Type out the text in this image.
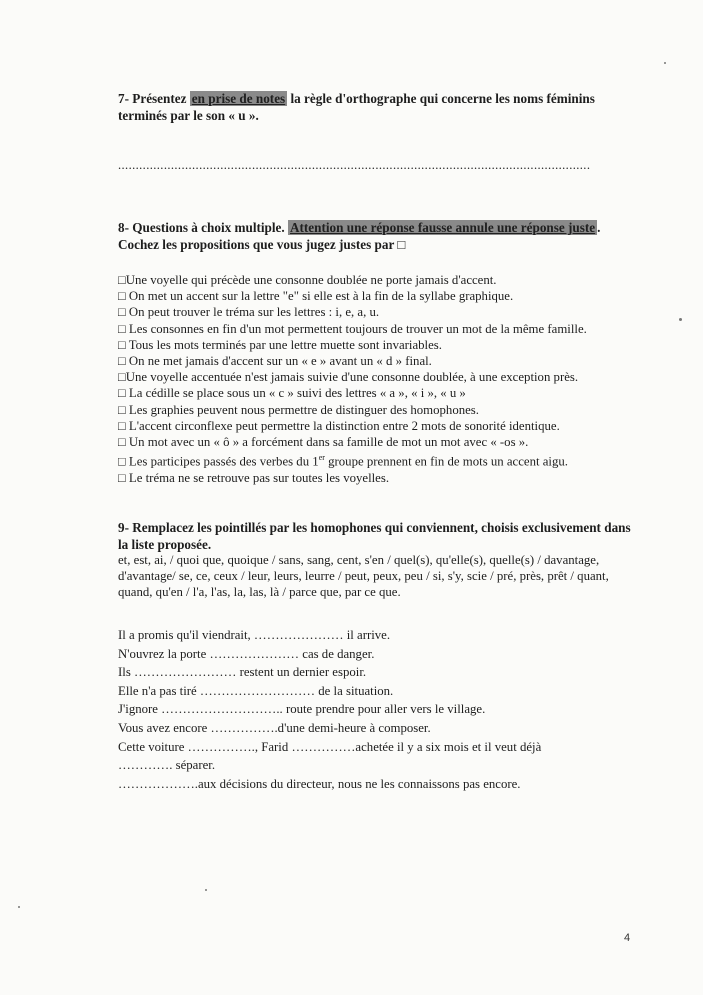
7- Présentez en prise de notes la règle d'orthographe qui concerne les noms féminins terminés par le son « u ».
......................................................................................................................................
8- Questions à choix multiple. Attention une réponse fausse annule une réponse juste .
Cochez les propositions que vous jugez justes par □
□Une voyelle qui précède une consonne doublée ne porte jamais d'accent.
□ On met un accent sur la lettre "e" si elle est à la fin de la syllabe graphique.
□ On peut trouver le tréma sur les lettres : i, e, a, u.
□ Les consonnes en fin d'un mot permettent toujours de trouver un mot de la même famille.
□ Tous les mots terminés par une lettre muette sont invariables.
□ On ne met jamais d'accent sur un « e » avant un « d » final.
□Une voyelle accentuée n'est jamais suivie d'une consonne doublée, à une exception près.
□ La cédille se place sous un « c » suivi des lettres « a », « i », « u »
□ Les graphies peuvent nous permettre de distinguer des homophones.
□ L'accent circonflexe peut permettre la distinction entre 2 mots de sonorité identique.
□ Un mot avec un « ô » a forcément dans sa famille de mot un mot avec « -os ».
□ Les participes passés des verbes du 1er groupe prennent en fin de mots un accent aigu.
□ Le tréma ne se retrouve pas sur toutes les voyelles.
9- Remplacez les pointillés par les homophones qui conviennent, choisis exclusivement dans la liste proposée.
et, est, ai, / quoi que, quoique / sans, sang, cent, s'en / quel(s), qu'elle(s), quelle(s) / davantage, d'avantage/ se, ce, ceux / leur, leurs, leurre / peut, peux, peu / si, s'y, scie / pré, près, prêt / quant, quand, qu'en / l'a, l'as, la, las, là / parce que, par ce que.
Il a promis qu'il viendrait, ………………… il arrive.
N'ouvrez la porte ………………… cas de danger.
Ils …………………… restent un dernier espoir.
Elle n'a pas tiré ……………………… de la situation.
J'ignore ……………………….. route prendre pour aller vers le village.
Vous avez encore …………….d'une demi-heure à composer.
Cette voiture ……………., Farid ……………achetée il y a six mois et il veut déjà
…………. séparer.
……………….aux décisions du directeur, nous ne les connaissons pas encore.
4
